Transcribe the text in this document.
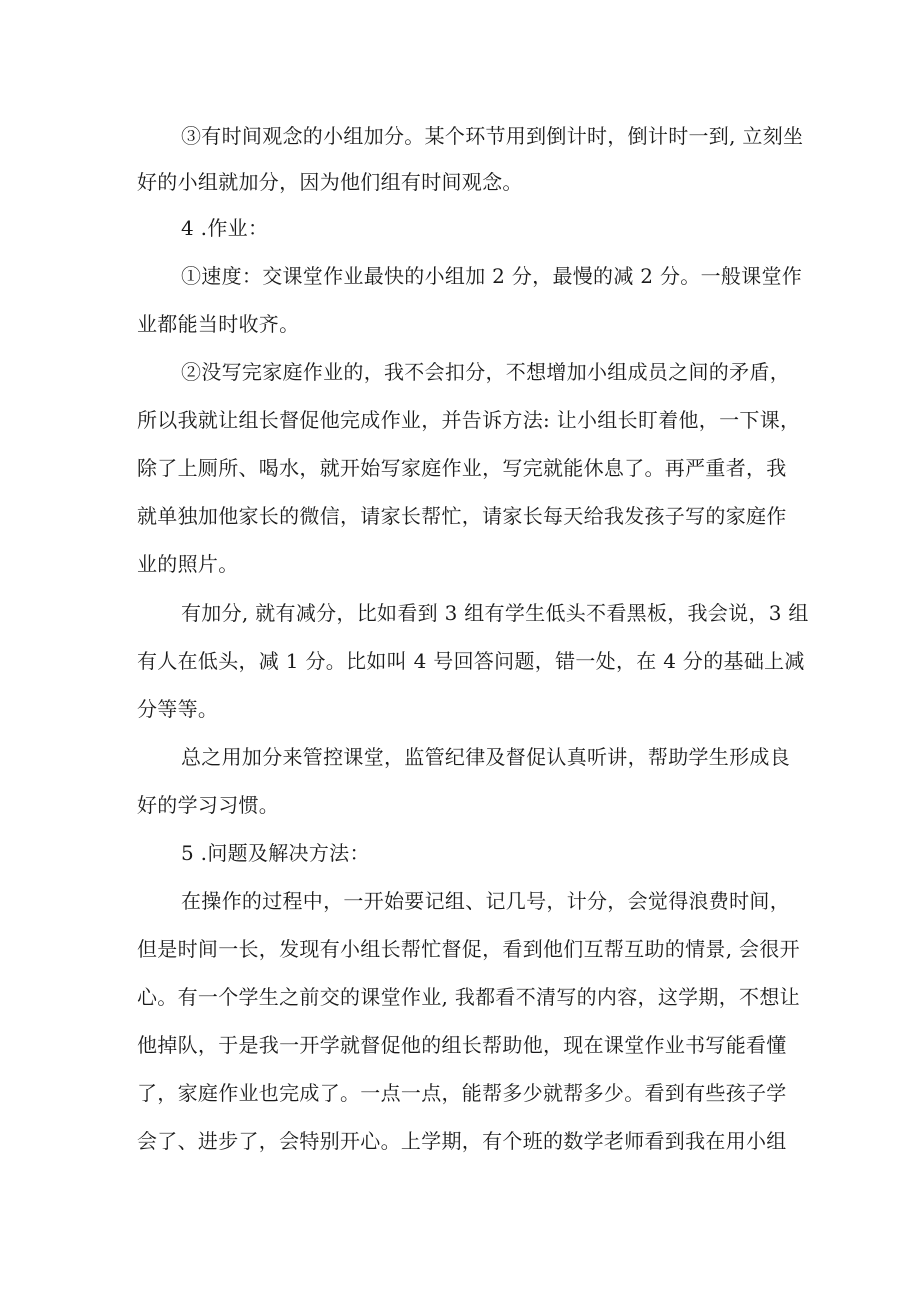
③有时间观念的小组加分。某个环节用到倒计时，倒计时一到, 立刻坐
好的小组就加分，因为他们组有时间观念。
4 .作业：
①速度：交课堂作业最快的小组加 2 分，最慢的减 2 分。一般课堂作
业都能当时收齐。
②没写完家庭作业的，我不会扣分，不想增加小组成员之间的矛盾，
所以我就让组长督促他完成作业，并告诉方法: 让小组长盯着他，一下课，
除了上厕所、喝水，就开始写家庭作业，写完就能休息了。再严重者，我
就单独加他家长的微信，请家长帮忙，请家长每天给我发孩子写的家庭作
业的照片。
有加分, 就有减分，比如看到 3 组有学生低头不看黑板，我会说，3 组
有人在低头，减 1 分。比如叫 4 号回答问题，错一处，在 4 分的基础上减
分等等。
总之用加分来管控课堂，监管纪律及督促认真听讲，帮助学生形成良
好的学习习惯。
5 .问题及解决方法：
在操作的过程中，一开始要记组、记几号，计分，会觉得浪费时间，
但是时间一长，发现有小组长帮忙督促，看到他们互帮互助的情景, 会很开
心。有一个学生之前交的课堂作业, 我都看不清写的内容，这学期，不想让
他掉队，于是我一开学就督促他的组长帮助他，现在课堂作业书写能看懂
了，家庭作业也完成了。一点一点，能帮多少就帮多少。看到有些孩子学
会了、进步了，会特别开心。上学期，有个班的数学老师看到我在用小组
